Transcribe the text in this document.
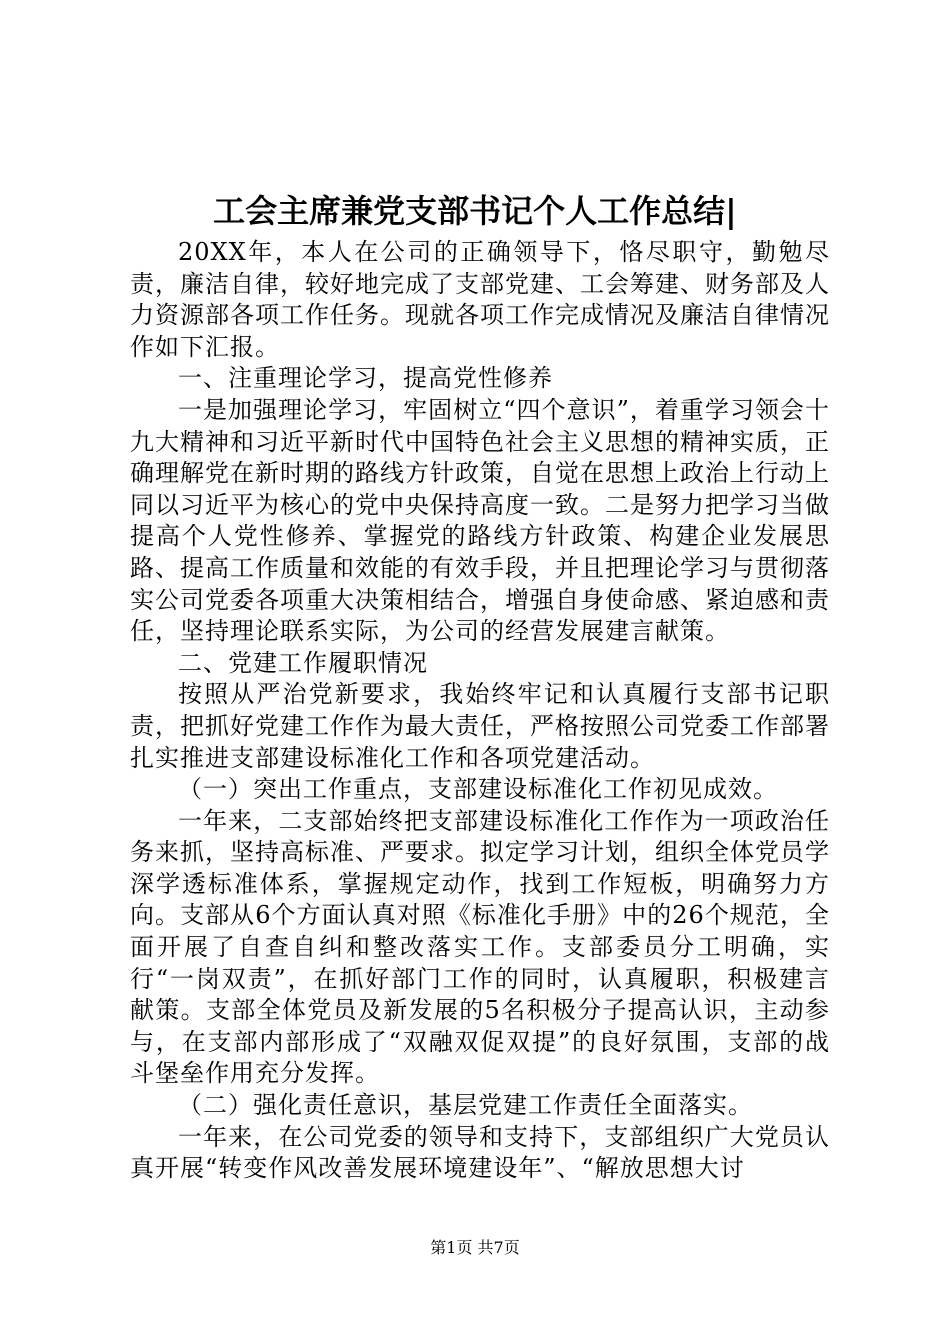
工会主席兼党支部书记个人工作总结|

20XX年，本人在公司的正确领导下，恪尽职守，勤勉尽责，廉洁自律，较好地完成了支部党建、工会筹建、财务部及人力资源部各项工作任务。现就各项工作完成情况及廉洁自律情况作如下汇报。

一、注重理论学习，提高党性修养

一是加强理论学习，牢固树立“四个意识”，着重学习领会十九大精神和习近平新时代中国特色社会主义思想的精神实质，正确理解党在新时期的路线方针政策，自觉在思想上政治上行动上同以习近平为核心的党中央保持高度一致。二是努力把学习当做提高个人党性修养、掌握党的路线方针政策、构建企业发展思路、提高工作质量和效能的有效手段，并且把理论学习与贯彻落实公司党委各项重大决策相结合，增强自身使命感、紧迫感和责任，坚持理论联系实际，为公司的经营发展建言献策。

二、党建工作履职情况

按照从严治党新要求，我始终牢记和认真履行支部书记职责，把抓好党建工作作为最大责任，严格按照公司党委工作部署扎实推进支部建设标准化工作和各项党建活动。

（一）突出工作重点，支部建设标准化工作初见成效。

一年来，二支部始终把支部建设标准化工作作为一项政治任务来抓，坚持高标准、严要求。拟定学习计划，组织全体党员学深学透标准体系，掌握规定动作，找到工作短板，明确努力方向。支部从6个方面认真对照《标准化手册》中的26个规范，全面开展了自查自纠和整改落实工作。支部委员分工明确，实行“一岗双责”，在抓好部门工作的同时，认真履职，积极建言献策。支部全体党员及新发展的5名积极分子提高认识，主动参与，在支部内部形成了“双融双促双提”的良好氛围，支部的战斗堡垒作用充分发挥。

（二）强化责任意识，基层党建工作责任全面落实。

一年来，在公司党委的领导和支持下，支部组织广大党员认真开展“转变作风改善发展环境建设年”、“解放思想大讨

第1页 共7页
